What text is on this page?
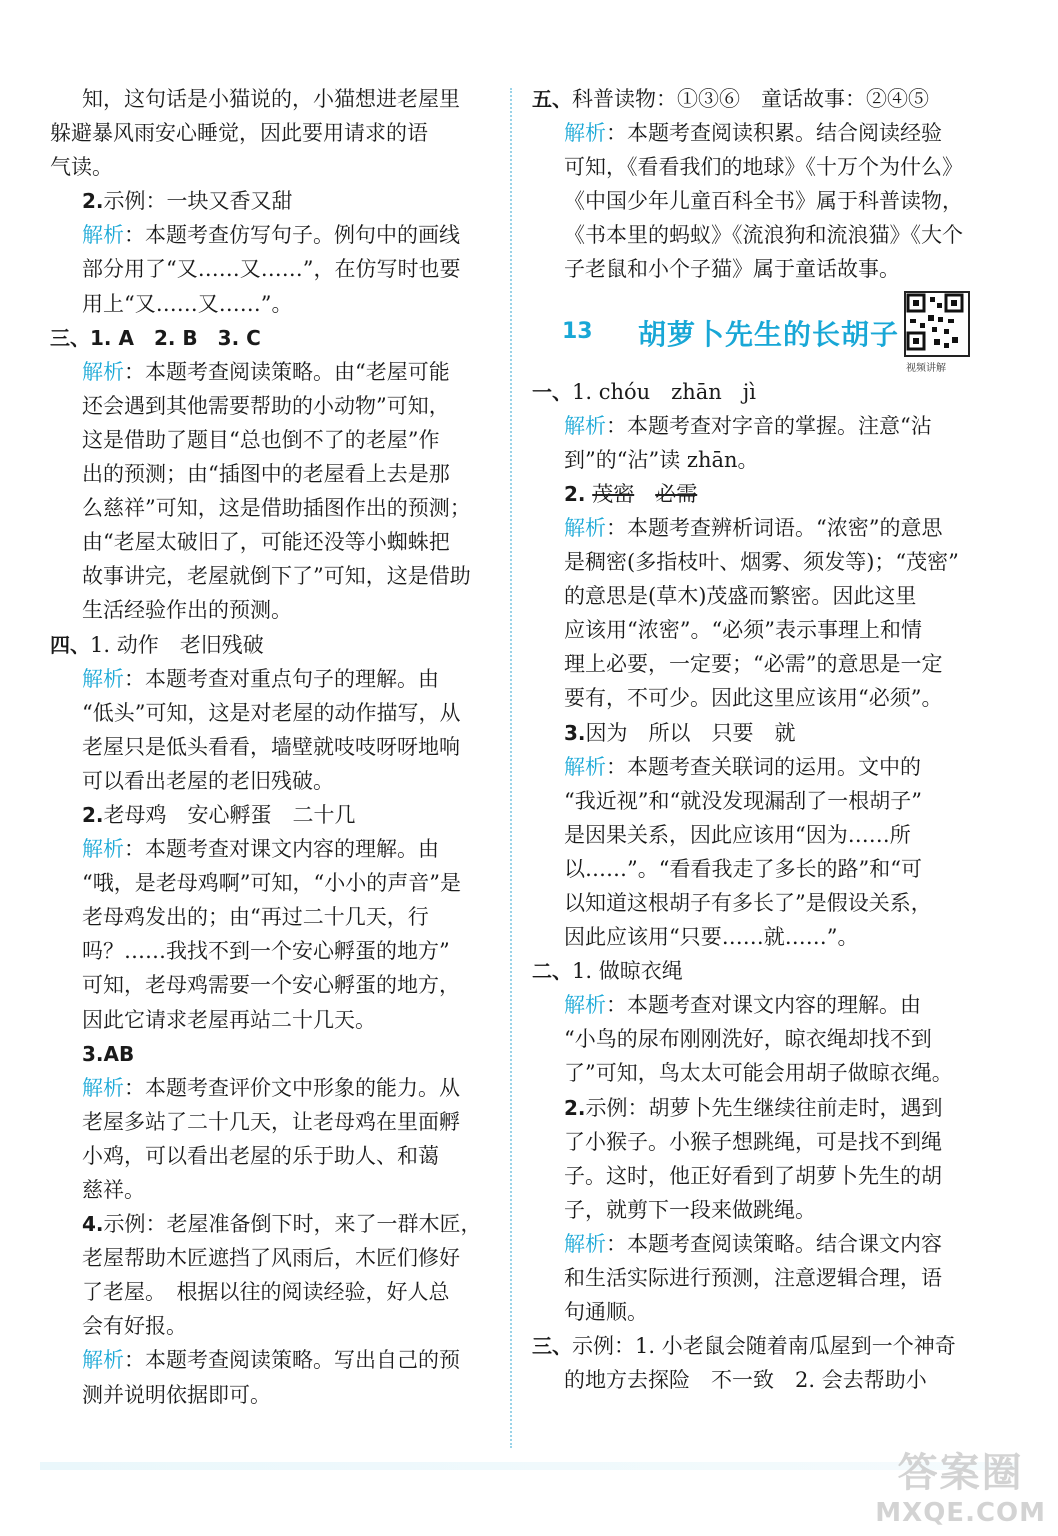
知，这句话是小猫说的，小猫想进老屋里
躲避暴风雨安心睡觉，因此要用请求的语
气读。
2.示例：一块又香又甜
解析：本题考查仿写句子。例句中的画线
部分用了“又……又……”，在仿写时也要
用上“又……又……”。
三、1. A　2. B　3. C
解析：本题考查阅读策略。由“老屋可能
还会遇到其他需要帮助的小动物”可知，
这是借助了题目“总也倒不了的老屋”作
出的预测；由“插图中的老屋看上去是那
么慈祥”可知，这是借助插图作出的预测；
由“老屋太破旧了，可能还没等小蜘蛛把
故事讲完，老屋就倒下了”可知，这是借助
生活经验作出的预测。
四、1. 动作　老旧残破
解析：本题考查对重点句子的理解。由
“低头”可知，这是对老屋的动作描写，从
老屋只是低头看看，墙壁就吱吱呀呀地响
可以看出老屋的老旧残破。
2.老母鸡　安心孵蛋　二十几
解析：本题考查对课文内容的理解。由
“哦，是老母鸡啊”可知，“小小的声音”是
老母鸡发出的；由“再过二十几天，行
吗？……我找不到一个安心孵蛋的地方”
可知，老母鸡需要一个安心孵蛋的地方，
因此它请求老屋再站二十几天。
3.AB
解析：本题考查评价文中形象的能力。从
老屋多站了二十几天，让老母鸡在里面孵
小鸡，可以看出老屋的乐于助人、和蔼
慈祥。
4.示例：老屋准备倒下时，来了一群木匠，
老屋帮助木匠遮挡了风雨后，木匠们修好
了老屋。　根据以往的阅读经验，好人总
会有好报。
解析：本题考查阅读策略。写出自己的预
测并说明依据即可。
五、科普读物：①③⑥　童话故事：②④⑤
解析：本题考查阅读积累。结合阅读经验
可知，《看看我们的地球》《十万个为什么》
《中国少年儿童百科全书》属于科普读物，
《书本里的蚂蚁》《流浪狗和流浪猫》《大个
子老鼠和小个子猫》属于童话故事。
13 胡萝卜先生的长胡子
视频讲解
一、1. chóu　zhān　jì
解析：本题考查对字音的掌握。注意“沾
到”的“沾”读 zhān。
2. 茂密　 必需
解析：本题考查辨析词语。“浓密”的意思
是稠密(多指枝叶、烟雾、须发等)；“茂密”
的意思是(草木)茂盛而繁密。因此这里
应该用“浓密”。“必须”表示事理上和情
理上必要，一定要；“必需”的意思是一定
要有，不可少。因此这里应该用“必须”。
3.因为　所以　只要　就
解析：本题考查关联词的运用。文中的
“我近视”和“就没发现漏刮了一根胡子”
是因果关系，因此应该用“因为……所
以……”。“看看我走了多长的路”和“可
以知道这根胡子有多长了”是假设关系，
因此应该用“只要……就……”。
二、1. 做晾衣绳
解析：本题考查对课文内容的理解。由
“小鸟的尿布刚刚洗好，晾衣绳却找不到
了”可知，鸟太太可能会用胡子做晾衣绳。
2.示例：胡萝卜先生继续往前走时，遇到
了小猴子。小猴子想跳绳，可是找不到绳
子。这时，他正好看到了胡萝卜先生的胡
子，就剪下一段来做跳绳。
解析：本题考查阅读策略。结合课文内容
和生活实际进行预测，注意逻辑合理，语
句通顺。
三、示例：1. 小老鼠会随着南瓜屋到一个神奇
的地方去探险　不一致　2. 会去帮助小
答案圈
MXQE.COM
